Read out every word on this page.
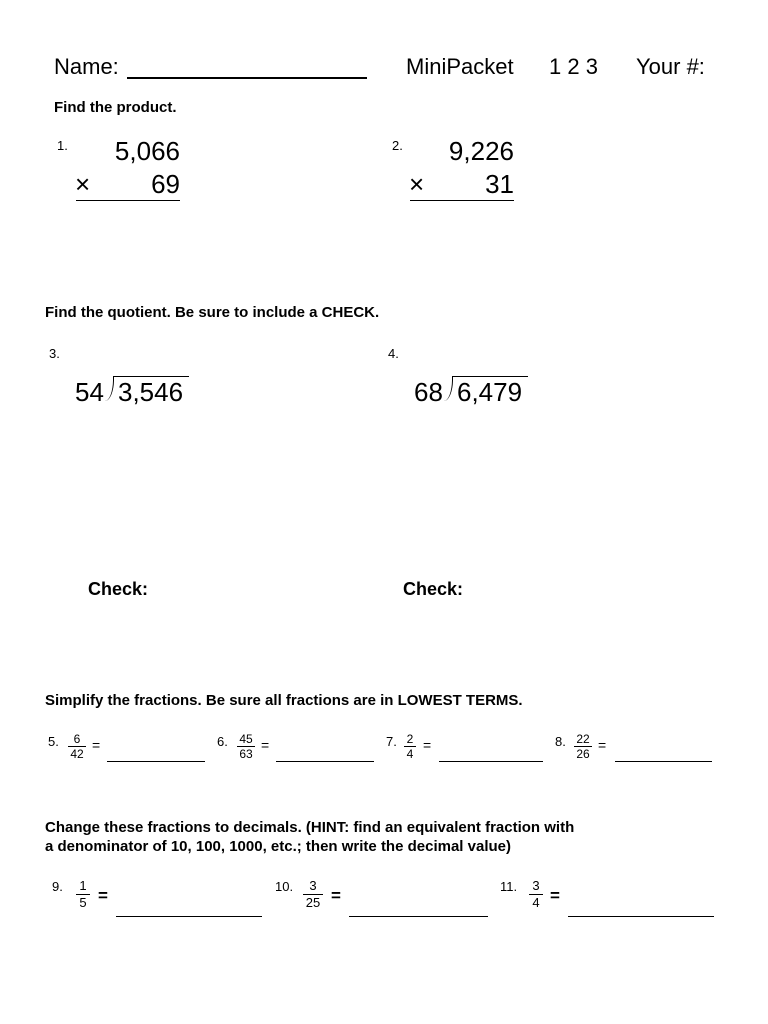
Name:	MiniPacket 1 2 3 Your #:
Find the product.
1. 5,066
× 69
2. 9,226
× 31
Find the quotient. Be sure to include a CHECK.
3.
54 3,546
Check:
4.
68 6,479
Check:
Simplify the fractions. Be sure all fractions are in LOWEST TERMS.
5. $\frac{6}{42}$ =	6. $\frac{45}{63}$ =	7. $\frac{2}{4}$ =	8. $\frac{22}{26}$ =
Change these fractions to decimals. (HINT: find an equivalent fraction with
a denominator of 10, 100, 1000, etc.; then write the decimal value)
9. $\frac{1}{5}$ =	10. $\frac{3}{25}$ =	11. $\frac{3}{4}$ =
